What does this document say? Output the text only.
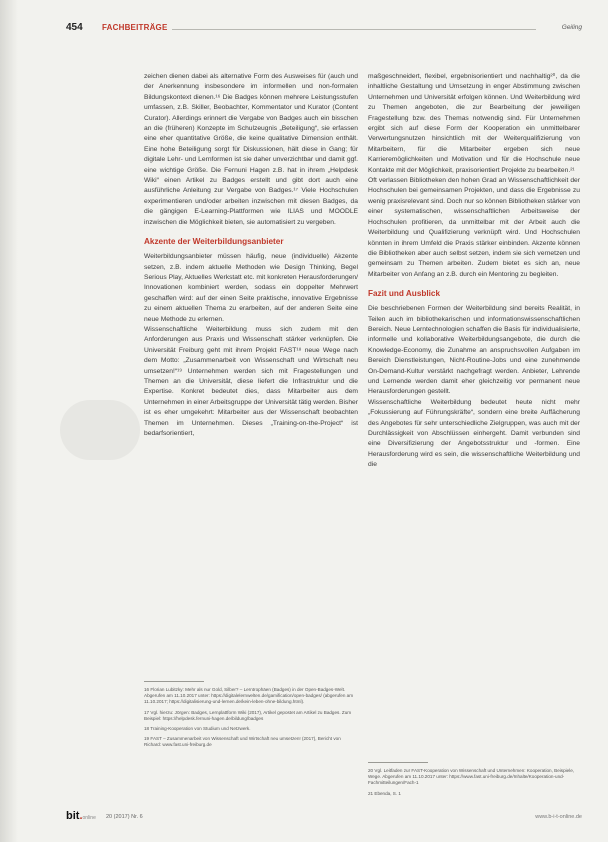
454 FACHBEITRÄGE	Geiling

zeichen dienen dabei als alternative Form des Ausweises für (auch und der Anerkennung insbesondere im informellen und non-formalen Bildungskontext dienen.¹⁶ Die Badges können mehrere Leistungsstufen umfassen, z.B. Skiller, Beobachter, Kommentator und Kurator (Content Curator). Allerdings erinnert die Vergabe von Badges auch ein bisschen an die (früheren) Konzepte im Schulzeugnis „Beteiligung“, sie erfassen eine eher quantitative Größe, die keine qualitative Dimension enthält. Eine hohe Beteiligung sorgt für Diskussionen, hält diese in Gang; für digitale Lehr- und Lernformen ist sie daher unverzichtbar und damit ggf. eine wichtige Größe. Die Fernuni Hagen z.B. hat in ihrem „Helpdesk Wiki“ einen Artikel zu Badges erstellt und gibt dort auch eine ausführliche Anleitung zur Vergabe von Badges.¹⁷ Viele Hochschulen experimentieren und/oder arbeiten inzwischen mit diesen Badges, da die gängigen E-Learning-Plattformen wie ILIAS und MOODLE inzwischen die Möglichkeit bieten, sie automatisiert zu vergeben.

Akzente der Weiterbildungsanbieter

Weiterbildungsanbieter müssen häufig, neue (individuelle) Akzente setzen, z.B. indem aktuelle Methoden wie Design Thinking, Begel Serious Play, Aktuelles Werkstatt etc. mit konkreten Herausforderungen/ Innovationen kombiniert werden, sodass ein doppelter Mehrwert geschaffen wird: auf der einen Seite praktische, innovative Ergebnisse zu einem aktuellen Thema zu erarbeiten, auf der anderen Seite eine neue Methode zu erlernen.

Wissenschaftliche Weiterbildung muss sich zudem mit den Anforderungen aus Praxis und Wissenschaft stärker verknüpfen. Die Universität Freiburg geht mit ihrem Projekt FAST¹⁸ neue Wege nach dem Motto: „Zusammenarbeit von Wissenschaft und Wirtschaft neu umsetzen!“¹⁹ Unternehmen werden sich mit Fragestellungen und Themen an die Universität, diese liefert die Infrastruktur und die Expertise. Konkret bedeutet dies, dass Mitarbeiter aus dem Unternehmen in einer Arbeitsgruppe der Universität tätig werden. Bisher ist es eher umgekehrt: Mitarbeiter aus der Wissenschaft beobachten Themen im Unternehmen. Dieses „Training-on-the-Project“ ist bedarfsorientiert,

maßgeschneidert, flexibel, ergebnisorientiert und nachhaltig²⁰, da die inhaltliche Gestaltung und Umsetzung in enger Abstimmung zwischen Unternehmen und Universität erfolgen können. Und Weiterbildung wird zu Themen angeboten, die zur Bearbeitung der jeweiligen Fragestellung bzw. des Themas notwendig sind. Für Unternehmen ergibt sich auf diese Form der Kooperation ein unmittelbarer Verwertungsnutzen hinsichtlich mit der Weiterqualifizierung von Mitarbeitern, für die Mitarbeiter ergeben sich neue Karrieremöglichkeiten und Motivation und für die Hochschule neue Kontakte mit der Möglichkeit, praxisorientiert Projekte zu bearbeiten.²¹

Oft verlassen Bibliotheken den hohen Grad an Wissenschaftlichkeit der Hochschulen bei gemeinsamen Projekten, und dass die Ergebnisse zu wenig praxisrelevant sind. Doch nur so können Bibliotheken stärker von einer systematischen, wissenschaftlichen Arbeitsweise der Hochschulen profitieren, da unmittelbar mit der Arbeit auch die Weiterbildung und Qualifizierung verknüpft wird. Und Hochschulen könnten in ihrem Umfeld die Praxis stärker einbinden. Akzente können die Bibliotheken aber auch selbst setzen, indem sie sich vernetzen und gemeinsam zu Themen arbeiten. Zudem bietet es sich an, neue Mitarbeiter von Anfang an z.B. durch ein Mentoring zu begleiten.

Fazit und Ausblick

Die beschriebenen Formen der Weiterbildung sind bereits Realität, in Teilen auch im bibliothekarischen und informationswissenschaftlichen Bereich. Neue Lerntechnologien schaffen die Basis für individualisierte, informelle und kollaborative Weiterbildungsangebote, die durch die Knowledge-Economy, die Zunahme an anspruchsvollen Aufgaben im Bereich Dienstleistungen, Nicht-Routine-Jobs und eine zunehmende On-Demand-Kultur verstärkt nachgefragt werden. Anbieter, Lehrende und Lernende werden damit eher gleichzeitig vor permanent neue Herausforderungen gestellt.

Wissenschaftliche Weiterbildung bedeutet heute nicht mehr „Fokussierung auf Führungskräfte“, sondern eine breite Auffächerung des Angebotes für sehr unterschiedliche Zielgruppen, was auch mit der Durchlässigkeit von Abschlüssen einhergeht. Damit verbunden sind eine Diversifizierung der Angebotsstruktur und -formen. Eine Herausforderung wird es sein, die wissenschaftliche Weiterbildung und die

16 Florian Lubitzky: Mehr als nur Gold, Silber? – Lerntrophäen (Badges) in der Open-Badges-Welt. Abgerufen am 11.10.2017 unter: https://digitalelernwelten.de/gamification/open-badges/ (abgerufen am 11.10.2017; https://digitalisierung-und-lernen.de/kein-leben-ohne-bildung.html).
17 Vgl. hierzu: Jörgen: Badges, Lernplattform Wiki (2017), Artikel gepostet am Artikel zu Badges. Zum Beispiel: https://helpdesk.fernuni-hagen.de/bildung/badges
18 Training-Kooperation von Studium und Netzwerk.
19 FAST – Zusammenarbeit von Wissenschaft und Wirtschaft neu umsetzen! (2017), Bericht von Richard: www.fast.uni-freiburg.de
20 Vgl. Leitfaden zur FAST-Kooperation von Wissenschaft und Unternehmen: Kooperation, Beispiele, Wege. Abgerufen am 11.10.2017 unter: https://www.fast.uni-freiburg.de/Inhalte/Kooperation-und-Fachmitteilungen/Fach-1
21 Ebenda, S. 1
bit.online 20 (2017) Nr. 6	www.b-i-t-online.de
